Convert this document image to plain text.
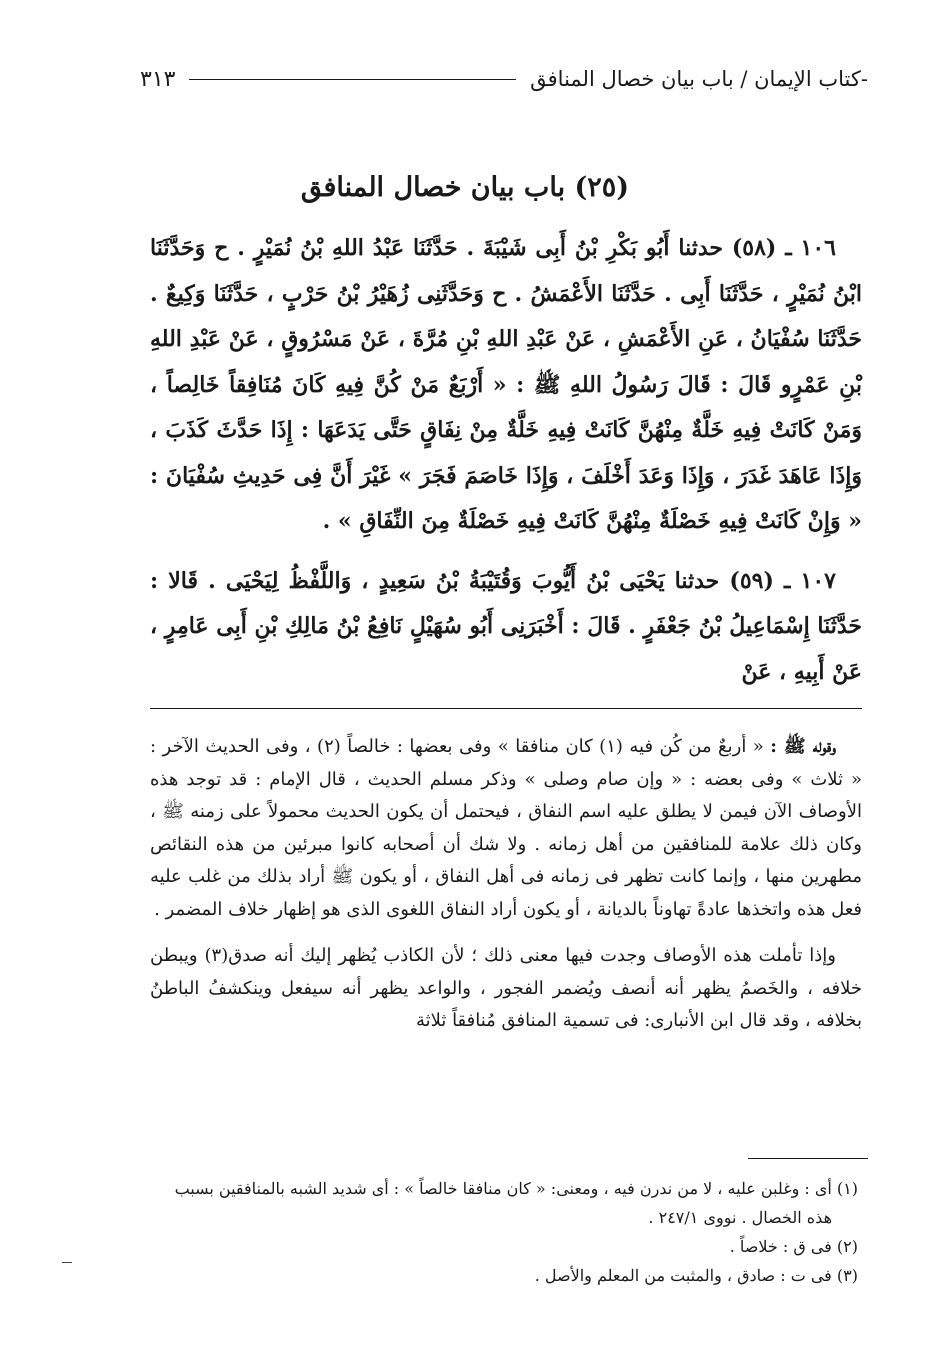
-كتاب الإيمان / باب بيان خصال المنافق
٣١٣
(٢٥) باب بيان خصال المنافق

١٠٦ ـ (٥٨) حدثنا أَبُو بَكْرِ بْنُ أَبِى شَيْبَةَ . حَدَّثَنَا عَبْدُ اللهِ بْنُ نُمَيْرٍ . ح وَحَدَّثَنَا ابْنُ نُمَيْرٍ ، حَدَّثَنَا أَبِى . حَدَّثَنَا الأَعْمَشُ . ح وَحَدَّثَنِى زُهَيْرُ بْنُ حَرْبٍ ، حَدَّثَنَا وَكِيعٌ . حَدَّثَنَا سُفْيَانُ ، عَنِ الأَعْمَشِ ، عَنْ عَبْدِ اللهِ بْنِ مُرَّةَ ، عَنْ مَسْرُوقٍ ، عَنْ عَبْدِ اللهِ بْنِ عَمْرٍو قَالَ : قَالَ رَسُولُ اللهِ ﷺ : « أَرْبَعٌ مَنْ كُنَّ فِيهِ كَانَ مُنَافِقاً خَالِصاً ، وَمَنْ كَانَتْ فِيهِ خَلَّةٌ مِنْهُنَّ كَانَتْ فِيهِ خَلَّةٌ مِنْ نِفَاقٍ حَتَّى يَدَعَهَا : إِذَا حَدَّثَ كَذَبَ ، وَإِذَا عَاهَدَ غَدَرَ ، وَإِذَا وَعَدَ أَخْلَفَ ، وَإِذَا خَاصَمَ فَجَرَ » غَيْرَ أَنَّ فِى حَدِيثِ سُفْيَانَ : « وَإِنْ كَانَتْ فِيهِ خَصْلَةٌ مِنْهُنَّ كَانَتْ فِيهِ خَصْلَةٌ مِنَ النِّفَاقِ » .

١٠٧ ـ (٥٩) حدثنا يَحْيَى بْنُ أَيُّوبَ وَقُتَيْبَةُ بْنُ سَعِيدٍ ، وَاللَّفْظُ لِيَحْيَى . قَالا : حَدَّثَنَا إِسْمَاعِيلُ بْنُ جَعْفَرٍ . قَالَ : أَخْبَرَنِى أَبُو سُهَيْلٍ نَافِعُ بْنُ مَالِكِ بْنِ أَبِى عَامِرٍ ، عَنْ أَبِيهِ ، عَنْ

وقوله ﷺ : « أربعٌ من كُن فيه (١) كان منافقا » وفى بعضها : خالصاً (٢) ، وفى الحديث الآخر : « ثلاث » وفى بعضه : « وإن صام وصلى » وذكر مسلم الحديث ، قال الإمام : قد توجد هذه الأوصاف الآن فيمن لا يطلق عليه اسم النفاق ، فيحتمل أن يكون الحديث محمولاً على زمنه ﷺ ، وكان ذلك علامة للمنافقين من أهل زمانه . ولا شك أن أصحابه كانوا مبرئين من هذه النقائص مطهرين منها ، وإنما كانت تظهر فى زمانه فى أهل النفاق ، أو يكون ﷺ أراد بذلك من غلب عليه فعل هذه واتخذها عادةً تهاوناً بالديانة ، أو يكون أراد النفاق اللغوى الذى هو إظهار خلاف المضمر .

وإذا تأملت هذه الأوصاف وجدت فيها معنى ذلك ؛ لأن الكاذب يُظهر إليك أنه صدق(٣) ويبطن خلافه ، والخَصمُ يظهر أنه أنصف ويُضمر الفجور ، والواعد يظهر أنه سيفعل وينكشفُ الباطنُ بخلافه ، وقد قال ابن الأنبارى: فى تسمية المنافق مُنافقاً ثلاثة

(١) أى : وغلبن عليه ، لا من ندرن فيه ، ومعنى: « كان منافقا خالصاً » : أى شديد الشبه بالمنافقين بسبب
هذه الخصال . نووى ٢٤٧/١ .

(٢) فى ق : خلاصاً .

(٣) فى ت : صادق ، والمثبت من المعلم والأصل .
